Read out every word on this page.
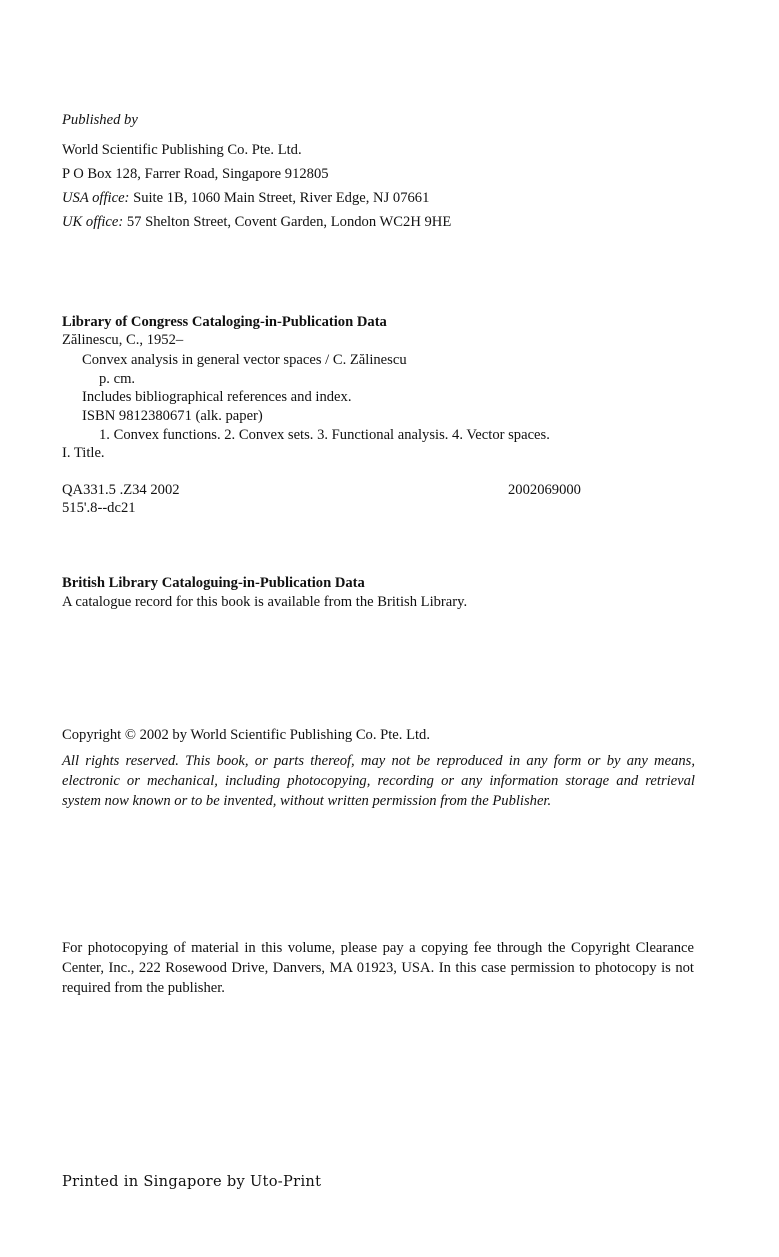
Published by
World Scientific Publishing Co. Pte. Ltd.
P O Box 128, Farrer Road, Singapore 912805
USA office: Suite 1B, 1060 Main Street, River Edge, NJ 07661
UK office: 57 Shelton Street, Covent Garden, London WC2H 9HE
Library of Congress Cataloging-in-Publication Data
Zălinescu, C., 1952–
Convex analysis in general vector spaces / C. Zălinescu
p. cm.
Includes bibliographical references and index.
ISBN 9812380671 (alk. paper)
1. Convex functions. 2. Convex sets. 3. Functional analysis. 4. Vector spaces.
I. Title.
QA331.5 .Z34 2002	2002069000
515'.8--dc21
British Library Cataloguing-in-Publication Data
A catalogue record for this book is available from the British Library.
Copyright © 2002 by World Scientific Publishing Co. Pte. Ltd.
All rights reserved. This book, or parts thereof, may not be reproduced in any form or by any means, electronic or mechanical, including photocopying, recording or any information storage and retrieval system now known or to be invented, without written permission from the Publisher.
For photocopying of material in this volume, please pay a copying fee through the Copyright Clearance Center, Inc., 222 Rosewood Drive, Danvers, MA 01923, USA. In this case permission to photocopy is not required from the publisher.
Printed in Singapore by Uto-Print
